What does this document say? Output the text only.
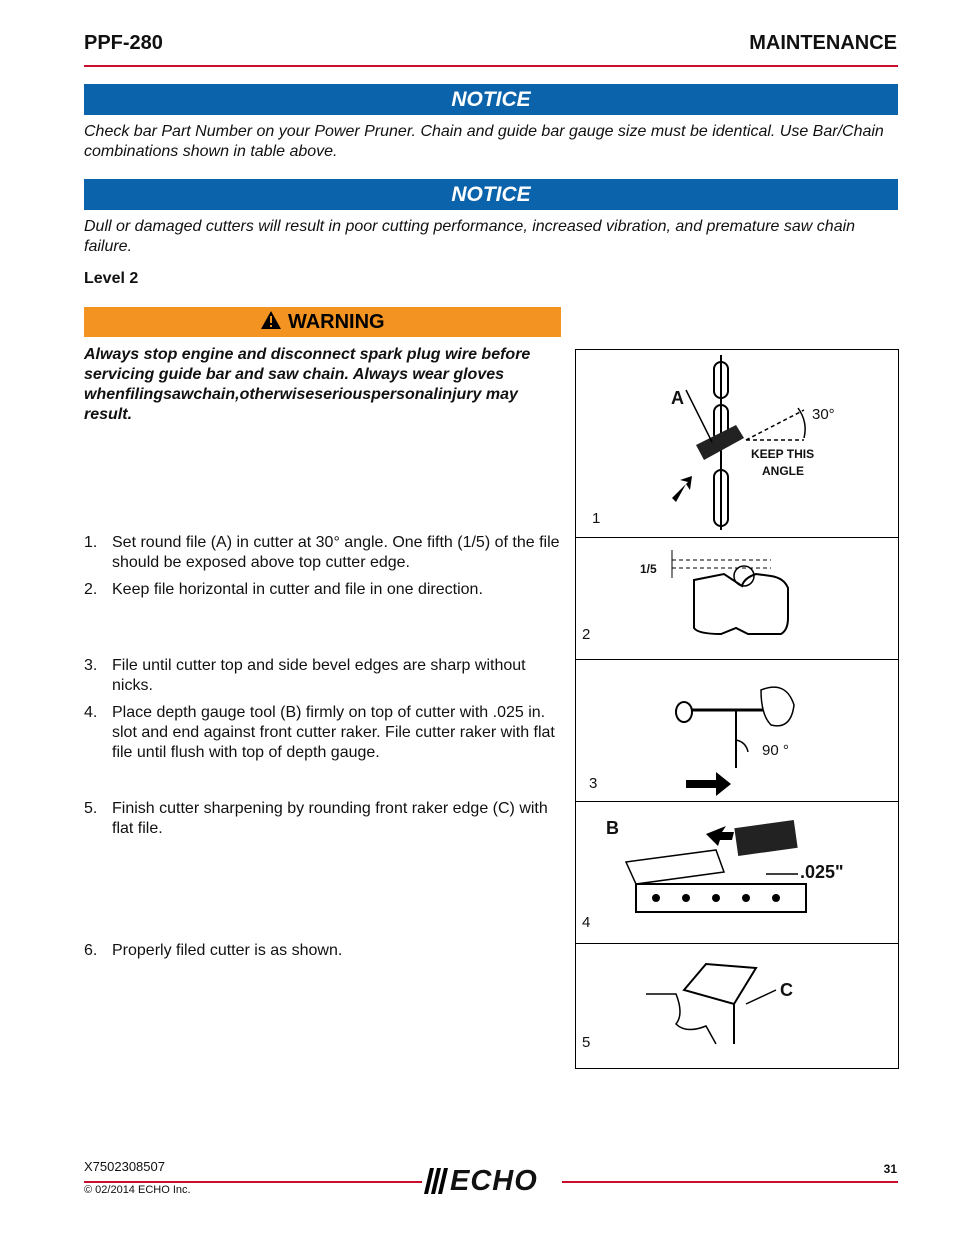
PPF-280	MAINTENANCE
NOTICE
Check bar Part Number on your Power Pruner. Chain and guide bar gauge size must be identical. Use Bar/Chain combinations shown in table above.
NOTICE
Dull or damaged cutters will result in poor cutting performance, increased vibration, and premature saw chain failure.
Level 2
WARNING
Always stop engine and disconnect spark plug wire before servicing guide bar and saw chain. Always wear gloves whenfilingsawchain,otherwiseseriouspersonalinjury may result.
1. Set round file (A) in cutter at 30° angle. One fifth (1/5) of the file should be exposed above top cutter edge.
2. Keep file horizontal in cutter and file in one direction.
3. File until cutter top and side bevel edges are sharp without nicks.
4. Place depth gauge tool (B) firmly on top of cutter with .025 in. slot and end against front cutter raker. File cutter raker with flat file until flush with top of depth gauge.
5. Finish cutter sharpening by rounding front raker edge (C) with flat file.
6. Properly filed cutter is as shown.
A
30°
KEEP THIS
ANGLE
1
1/5
2
90 °
3
B
.025"
4
C
5
X7502308507
© 02/2014 ECHO Inc.	ECHO	31
